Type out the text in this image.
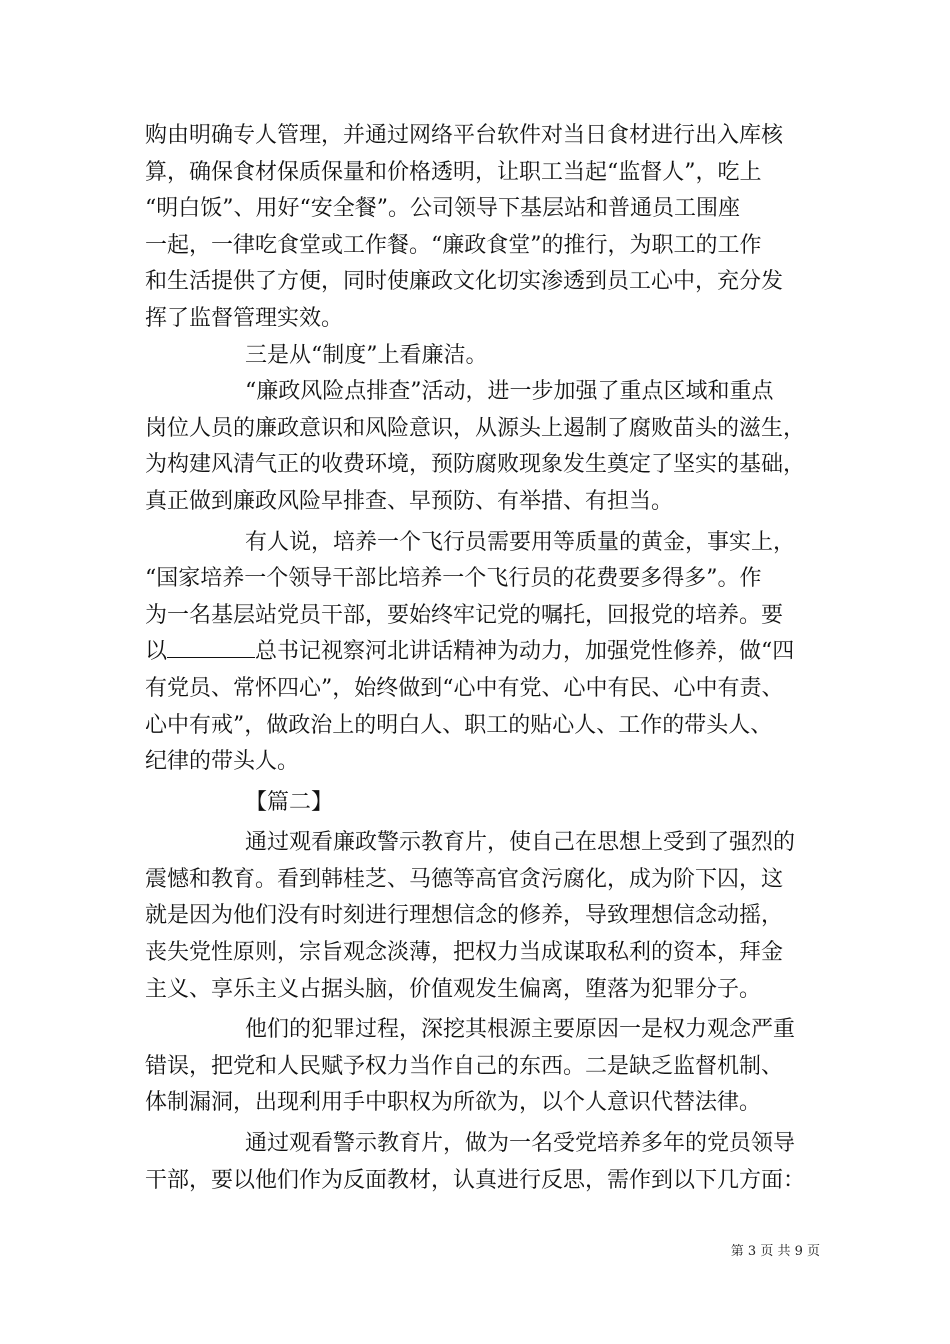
购由明确专人管理，并通过网络平台软件对当日食材进行出入库核
算，确保食材保质保量和价格透明，让职工当起“监督人”，吃上
“明白饭”、用好“安全餐”。公司领导下基层站和普通员工围座
一起，一律吃食堂或工作餐。“廉政食堂”的推行，为职工的工作
和生活提供了方便，同时使廉政文化切实渗透到员工心中，充分发
挥了监督管理实效。
三是从“制度”上看廉洁。
“廉政风险点排查”活动，进一步加强了重点区域和重点
岗位人员的廉政意识和风险意识，从源头上遏制了腐败苗头的滋生，
为构建风清气正的收费环境，预防腐败现象发生奠定了坚实的基础，
真正做到廉政风险早排查、早预防、有举措、有担当。
有人说，培养一个飞行员需要用等质量的黄金，事实上，
“国家培养一个领导干部比培养一个飞行员的花费要多得多”。作
为一名基层站党员干部，要始终牢记党的嘱托，回报党的培养。要
以	总书记视察河北讲话精神为动力，加强党性修养，做“四
有党员、常怀四心”，始终做到“心中有党、心中有民、心中有责、
心中有戒”，做政治上的明白人、职工的贴心人、工作的带头人、
纪律的带头人。
【篇二】
通过观看廉政警示教育片，使自己在思想上受到了强烈的
震憾和教育。看到韩桂芝、马德等高官贪污腐化，成为阶下囚，这
就是因为他们没有时刻进行理想信念的修养，导致理想信念动摇，
丧失党性原则，宗旨观念淡薄，把权力当成谋取私利的资本，拜金
主义、享乐主义占据头脑，价值观发生偏离，堕落为犯罪分子。
他们的犯罪过程，深挖其根源主要原因一是权力观念严重
错误，把党和人民赋予权力当作自己的东西。二是缺乏监督机制、
体制漏洞，出现利用手中职权为所欲为，以个人意识代替法律。
通过观看警示教育片，做为一名受党培养多年的党员领导
干部，要以他们作为反面教材，认真进行反思，需作到以下几方面：
第 3 页 共 9 页
